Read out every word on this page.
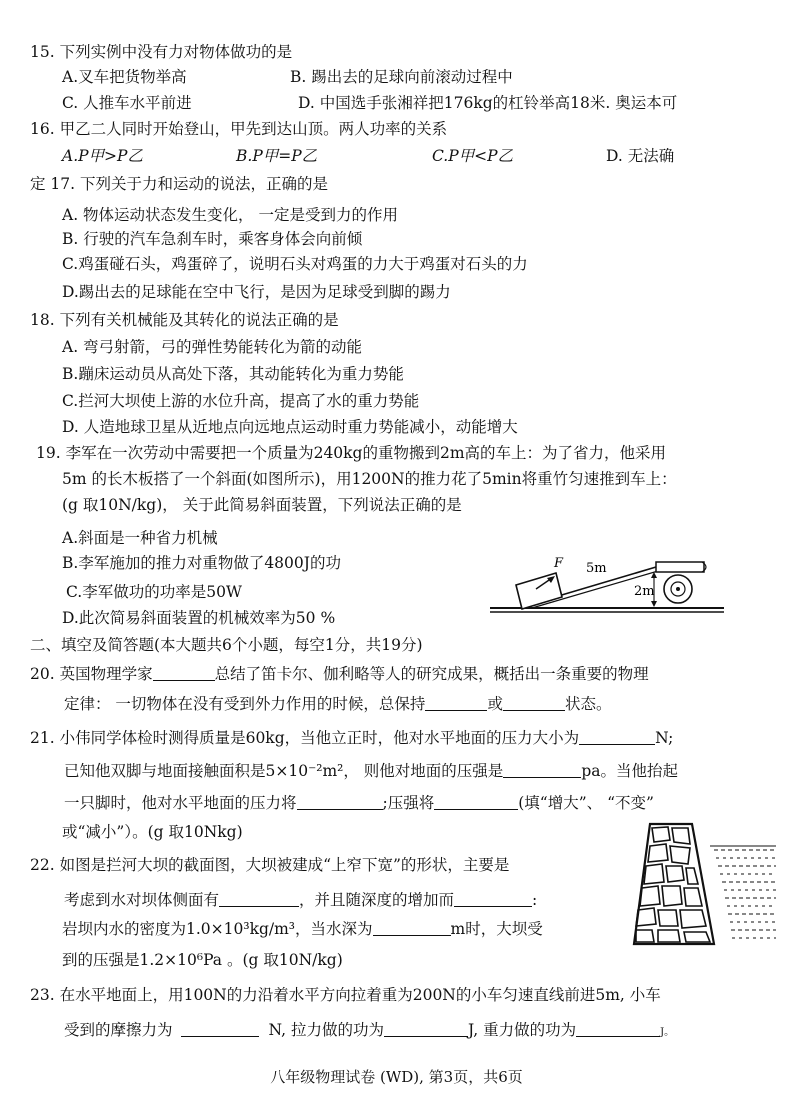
15. 下列实例中没有力对物体做功的是
A.叉车把货物举高	B. 踢出去的足球向前滚动过程中
C. 人推车水平前进	D. 中国选手张湘祥把176kg的杠铃举高18米. 奥运本可
16. 甲乙二人同时开始登山，甲先到达山顶。两人功率的关系
A.P甲>P乙	B.P甲=P乙	C.P甲<P乙	D. 无法确
定 17. 下列关于力和运动的说法，正确的是
A. 物体运动状态发生变化， 一定是受到力的作用
B. 行驶的汽车急刹车时，乘客身体会向前倾
C.鸡蛋碰石头，鸡蛋碎了，说明石头对鸡蛋的力大于鸡蛋对石头的力
D.踢出去的足球能在空中飞行，是因为足球受到脚的踢力
18. 下列有关机械能及其转化的说法正确的是
A. 弯弓射箭，弓的弹性势能转化为箭的动能
B.蹦床运动员从高处下落，其动能转化为重力势能
C.拦河大坝使上游的水位升高，提高了水的重力势能
D. 人造地球卫星从近地点向远地点运动时重力势能减小，动能增大
19. 李军在一次劳动中需要把一个质量为240kg的重物搬到2m高的车上：为了省力，他采用
5m 的长木板搭了一个斜面(如图所示)，用1200N的推力花了5min将重竹匀速推到车上：
(g 取10N/kg)， 关于此简易斜面装置，下列说法正确的是
A.斜面是一种省力机械
B.李军施加的推力对重物做了4800J的功
C.李军做功的功率是50W
D.此次简易斜面装置的机械效率为50 %
F 5m
2m
二、填空及简答题(本大题共6个小题，每空1分，共19分)
20. 英国物理学家	总结了笛卡尔、伽利略等人的研究成果，概括出一条重要的物理
定律： 一切物体在没有受到外力作用的时候，总保持	或	状态。
21. 小伟同学体检时测得质量是60kg，当他立正时，他对水平地面的压力大小为	N;
已知他双脚与地面接触面积是5×10⁻²m²， 则他对地面的压强是	pa。当他抬起
一只脚时，他对水平地面的压力将	;压强将	(填“增大”、 “不变”
或“减小”）。(g 取10Nkg)
22. 如图是拦河大坝的截面图，大坝被建成“上窄下宽”的形状，主要是
考虑到水对坝体侧面有	，并且随深度的增加而	:
岩坝内水的密度为1.0×10³kg/m³，当水深为	m时，大坝受
到的压强是1.2×10⁶Pa 。(g 取10N/kg)
23. 在水平地面上，用100N的力沿着水平方向拉着重为200N的小车匀速直线前进5m, 小车
受到的摩擦力为	N, 拉力做的功为	J, 重力做的功为	J。
八年级物理试卷 (WD), 第3页，共6页
